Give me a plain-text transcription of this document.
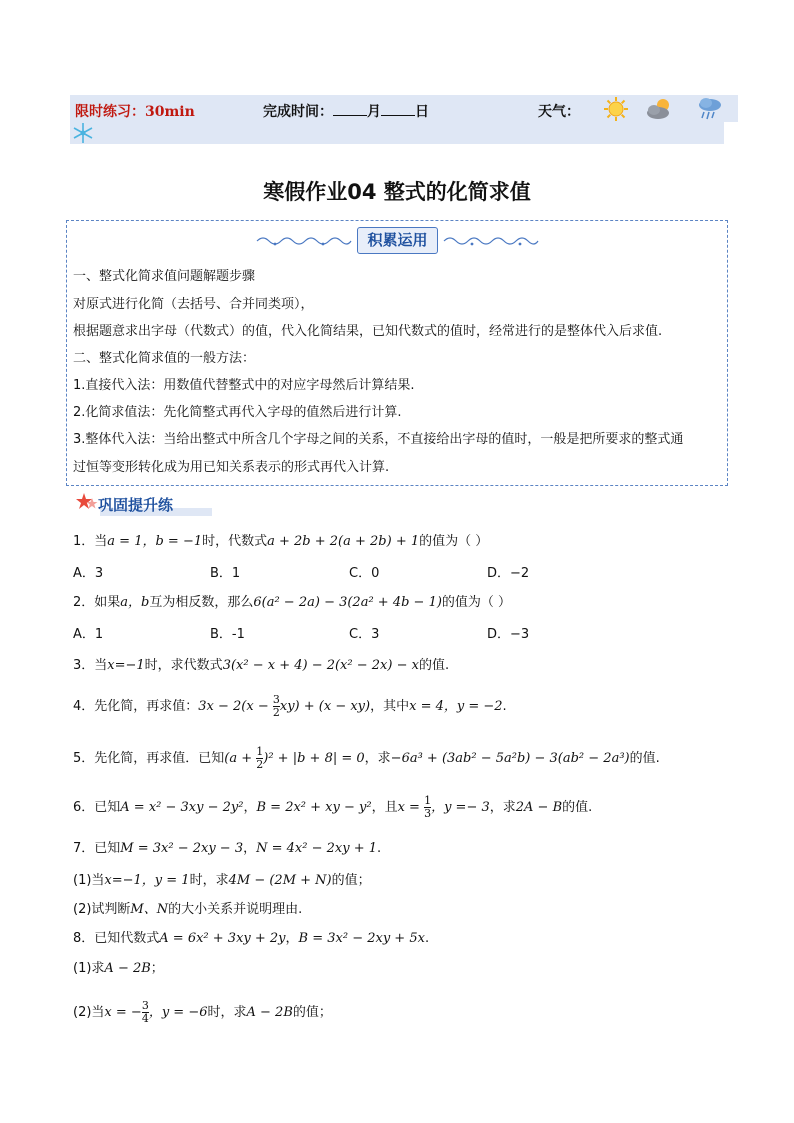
限时练习：30min	完成时间： 月 日	天气：
寒假作业04 整式的化简求值
积累运用
一、整式化简求值问题解题步骤
对原式进行化简（去括号、合并同类项），
根据题意求出字母（代数式）的值，代入化简结果，已知代数式的值时，经常进行的是整体代入后求值.
二、整式化简求值的一般方法：
1.直接代入法：用数值代替整式中的对应字母然后计算结果.
2.化简求值法：先化简整式再代入字母的值然后进行计算.
3.整体代入法：当给出整式中所含几个字母之间的关系，不直接给出字母的值时，一般是把所要求的整式通
过恒等变形转化成为用已知关系表示的形式再代入计算.
巩固提升练
1．当a = 1，b = −1时，代数式a + 2b + 2(a + 2b) + 1的值为（ ）
A．3	B．1	C．0	D．−2
2．如果a，b互为相反数，那么6(a² − 2a) − 3(2a² + 4b − 1)的值为（ ）
A．1	B．-1	C．3	D．−3
3．当x=−1时，求代数式3(x² − x + 4) − 2(x² − 2x) − x的值.
4．先化简，再求值：$3x - 2(x - \frac{3}{2} xy) + (x - xy)$，其中x = 4，y = −2.
5．先化简，再求值．已知$(a + \frac{1}{2} )^2 + |b + 8| = 0$，求−6a³ + (3ab² − 5a²b) − 3(ab² − 2a³)的值.
6．已知A = x² − 3xy − 2y²，B = 2x² + xy − y²，且$x = \frac{1}{3}$ ，y =− 3，求2A − B的值.
7．已知M = 3x² − 2xy − 3，N = 4x² − 2xy + 1.
(1)当x=−1，y = 1时，求4M − (2M + N)的值；
(2)试判断M、N的大小关系并说明理由.
8．已知代数式A = 6x² + 3xy + 2y，B = 3x² − 2xy + 5x.
(1)求A − 2B；
(2)当x = − $\frac{3}{4}$ ，y = −6时，求A − 2B的值；
